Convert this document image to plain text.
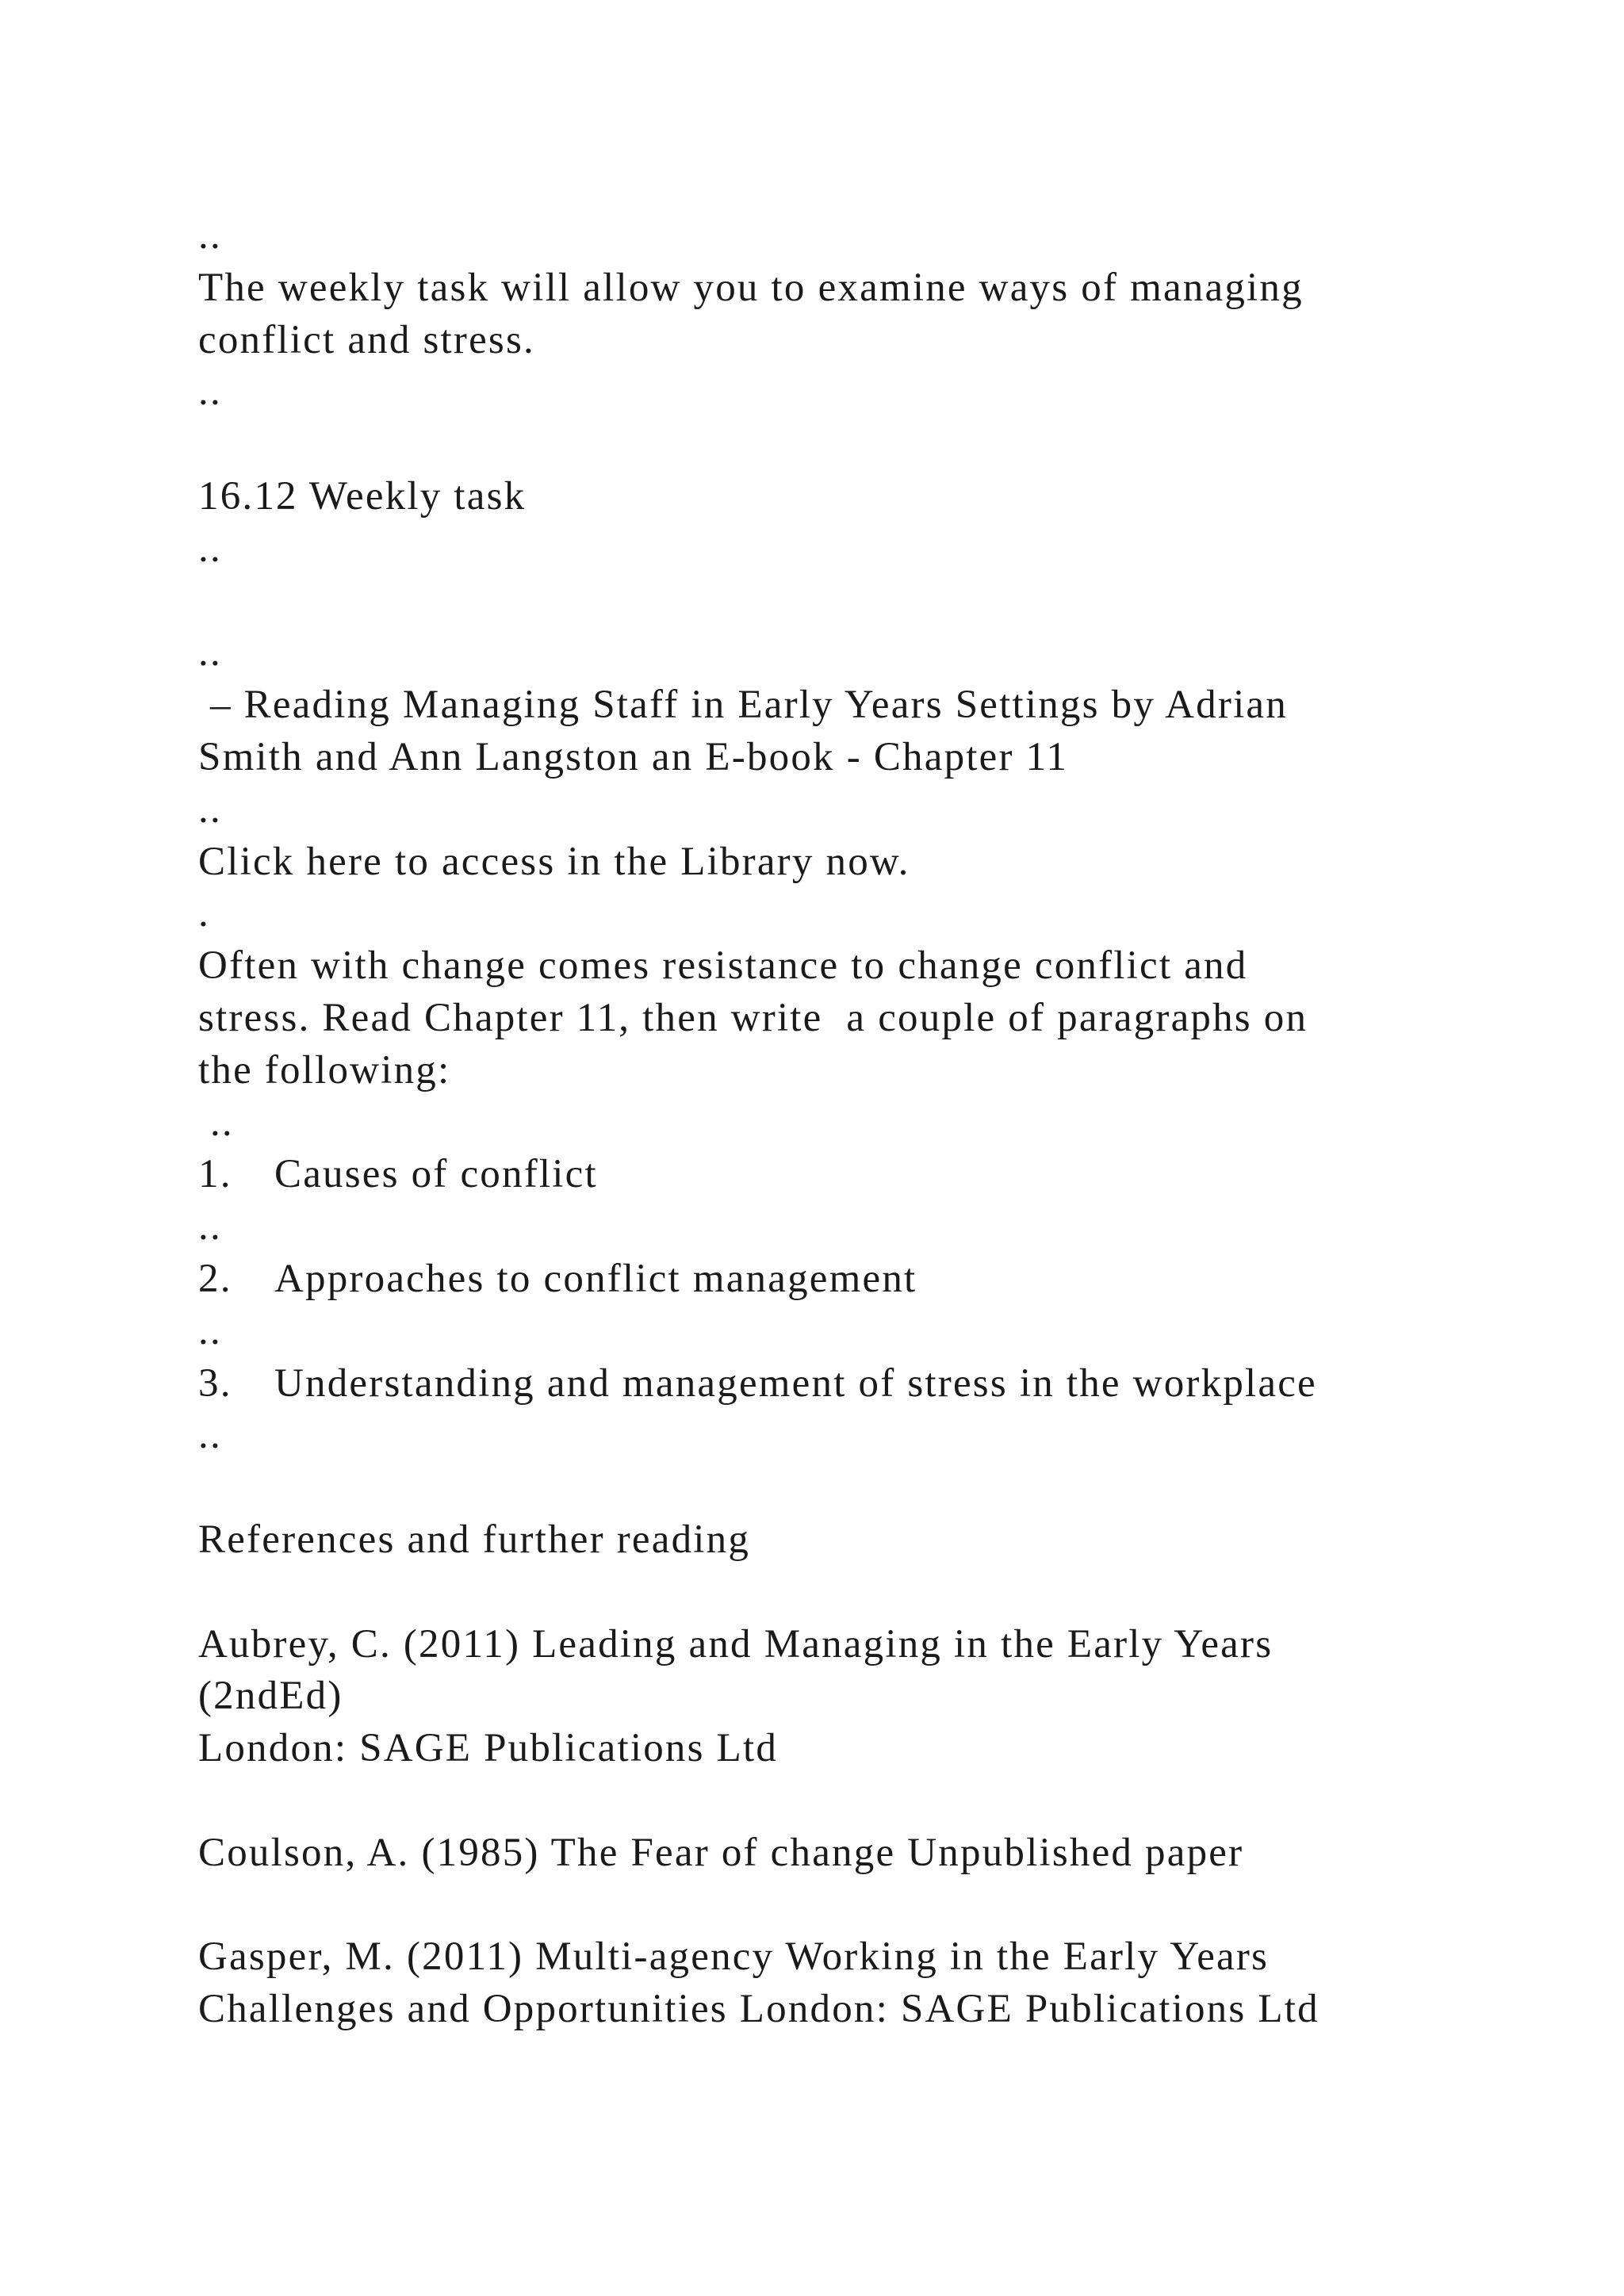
..
The weekly task will allow you to examine ways of managing
conflict and stress.
..
16.12 Weekly task
..
..
– Reading Managing Staff in Early Years Settings by Adrian
Smith and Ann Langston an E-book - Chapter 11
..
Click here to access in the Library now.
.
Often with change comes resistance to change conflict and
stress. Read Chapter 11, then write  a couple of paragraphs on
the following:
..
1. Causes of conflict
..
2. Approaches to conflict management
..
3. Understanding and management of stress in the workplace
..
References and further reading
Aubrey, C. (2011) Leading and Managing in the Early Years
(2ndEd)
London: SAGE Publications Ltd
Coulson, A. (1985) The Fear of change Unpublished paper
Gasper, M. (2011) Multi-agency Working in the Early Years
Challenges and Opportunities London: SAGE Publications Ltd
